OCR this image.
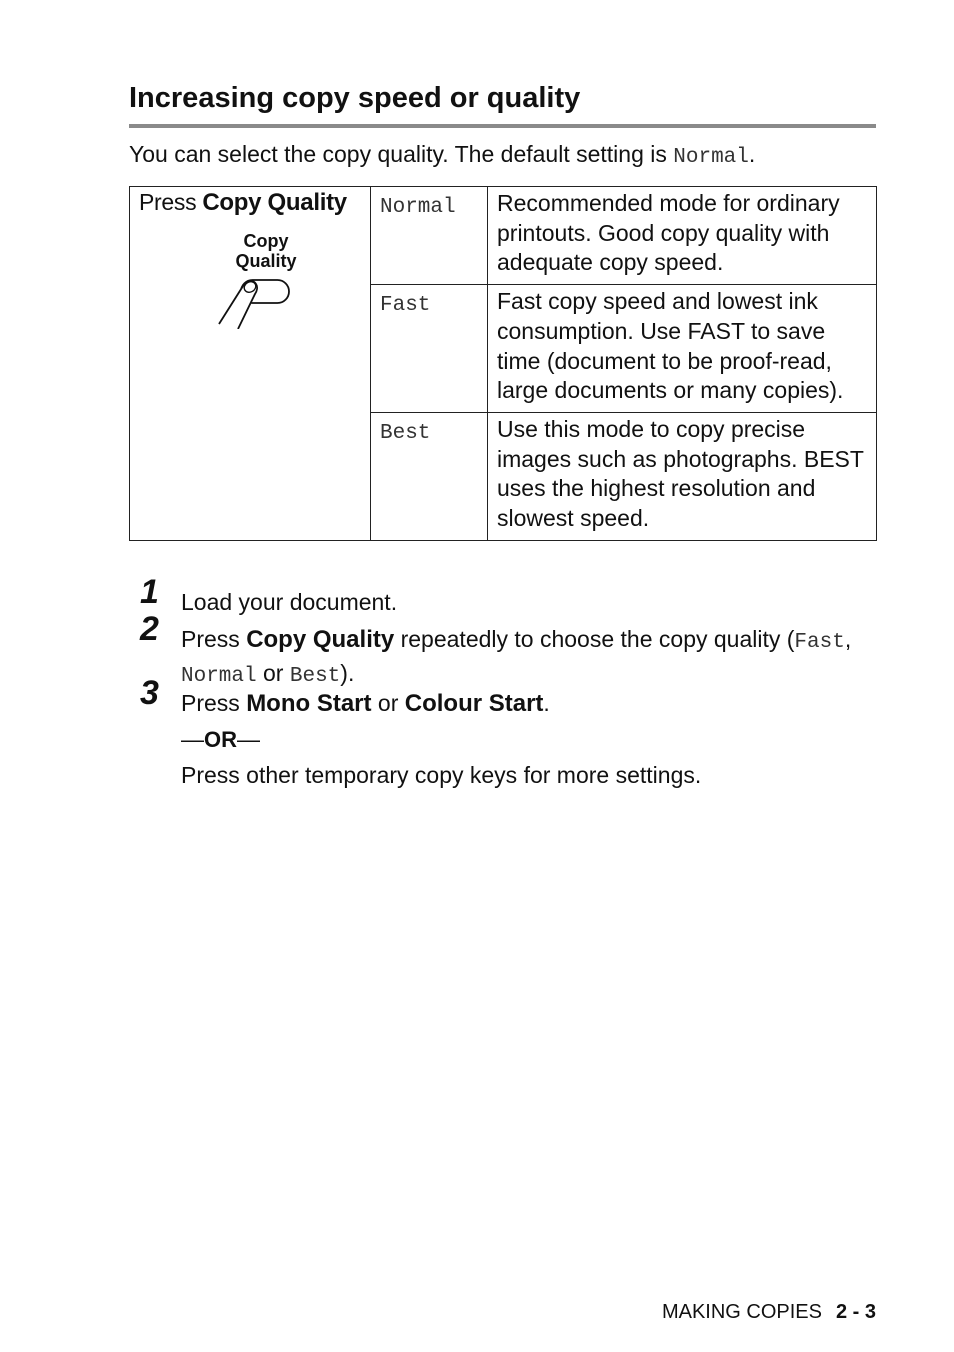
Increasing copy speed or quality

You can select the copy quality. The default setting is Normal.

Press Copy Quality
Copy
Quality	Normal	Recommended mode for ordinary printouts. Good copy quality with adequate copy speed.
	Fast	Fast copy speed and lowest ink consumption. Use FAST to save time (document to be proof-read, large documents or many copies).
	Best	Use this mode to copy precise images such as photographs. BEST uses the highest resolution and slowest speed.

1 Load your document.

2 Press Copy Quality repeatedly to choose the copy quality (Fast, Normal or Best).

3 Press Mono Start or Colour Start.

—OR—

Press other temporary copy keys for more settings.

MAKING COPIES 2 - 3
